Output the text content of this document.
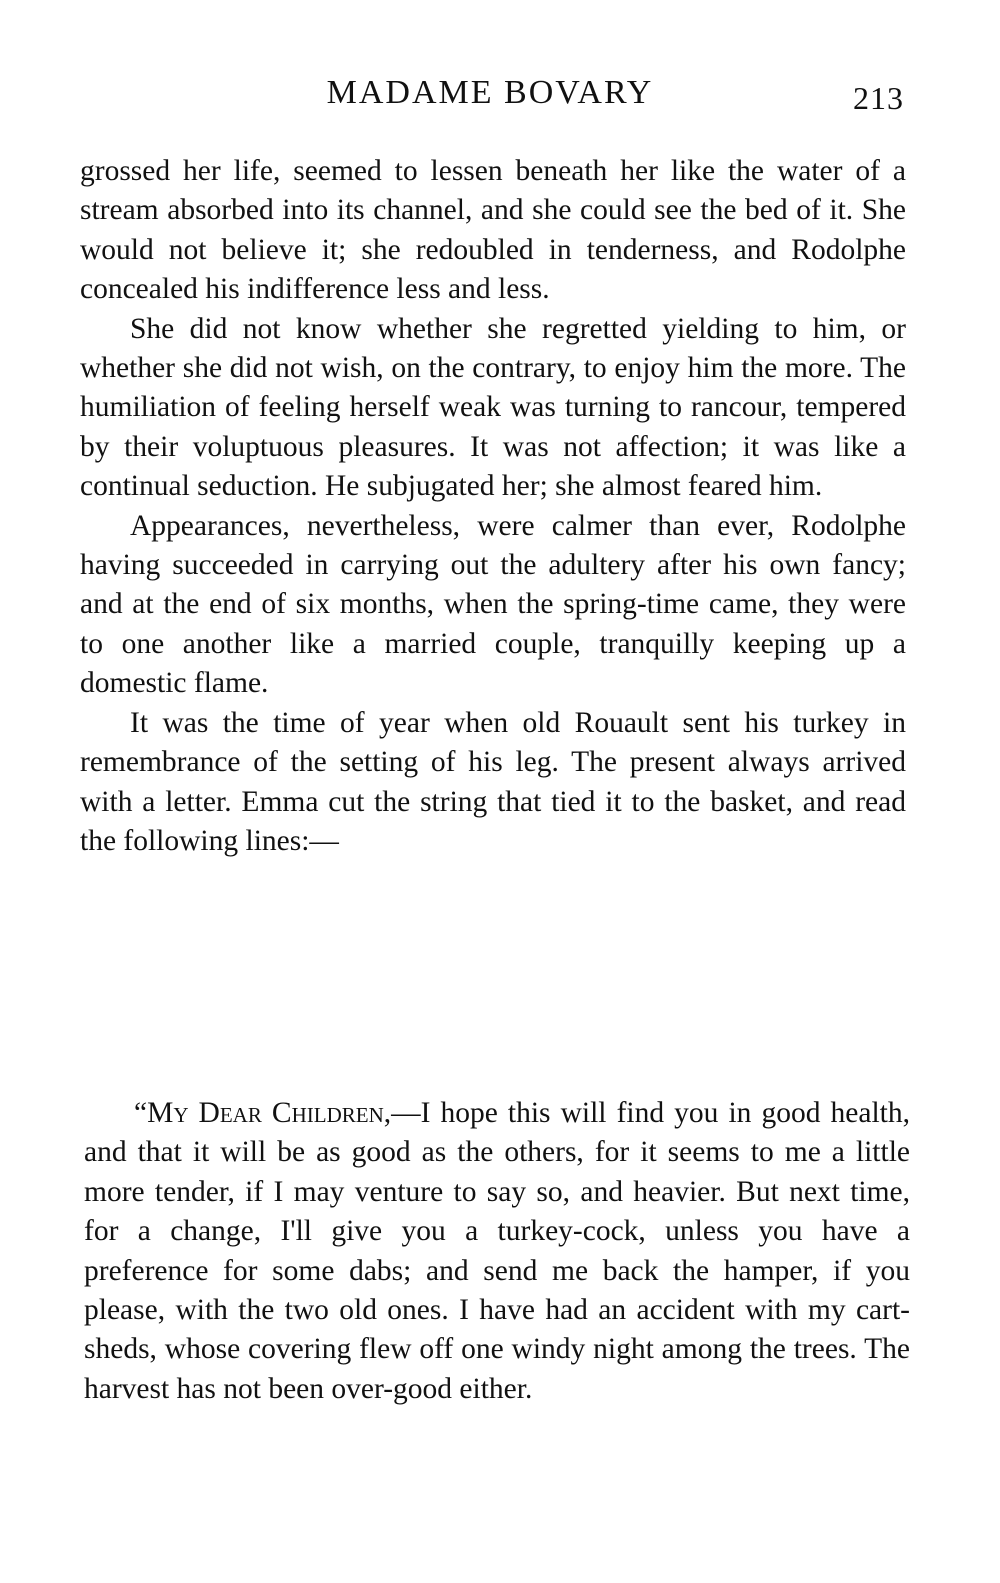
MADAME BOVARY	213

grossed her life, seemed to lessen beneath her like the water of a stream absorbed into its channel, and she could see the bed of it. She would not believe it; she redoubled in tenderness, and Rodolphe concealed his indifference less and less.

She did not know whether she regretted yielding to him, or whether she did not wish, on the contrary, to enjoy him the more. The humiliation of feeling herself weak was turning to rancour, tempered by their voluptuous pleasures. It was not affection; it was like a continual seduction. He subjugated her; she almost feared him.

Appearances, nevertheless, were calmer than ever, Rodolphe having succeeded in carrying out the adultery after his own fancy; and at the end of six months, when the spring-time came, they were to one another like a married couple, tranquilly keeping up a domestic flame.

It was the time of year when old Rouault sent his turkey in remembrance of the setting of his leg. The present always arrived with a letter. Emma cut the string that tied it to the basket, and read the following lines:—

“My Dear Children,—I hope this will find you in good health, and that it will be as good as the others, for it seems to me a little more tender, if I may venture to say so, and heavier. But next time, for a change, I'll give you a turkey-cock, unless you have a preference for some dabs; and send me back the hamper, if you please, with the two old ones. I have had an accident with my cart-sheds, whose covering flew off one windy night among the trees. The harvest has not been over-good either.
